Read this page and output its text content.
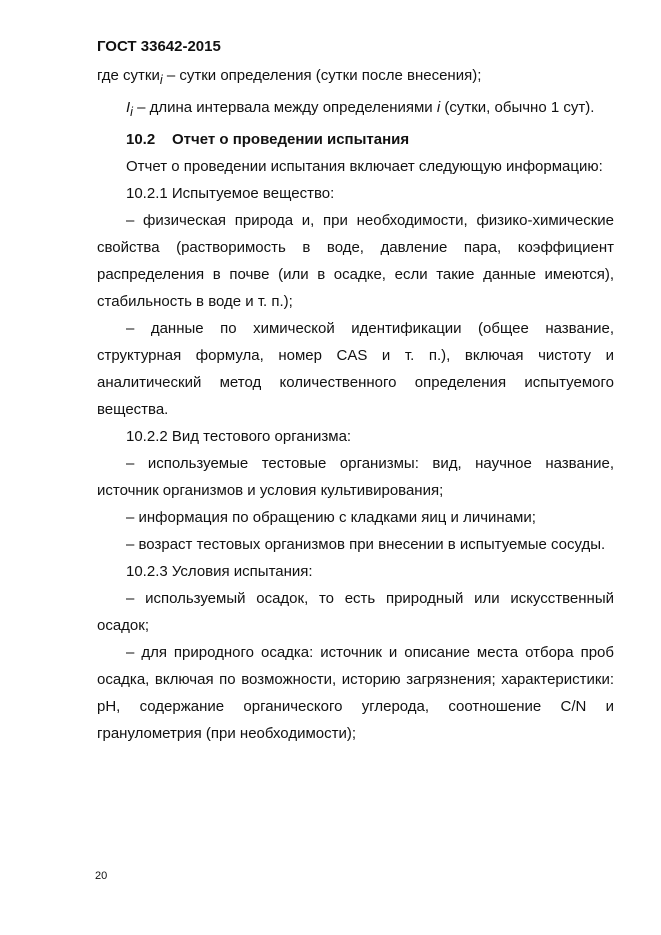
ГОСТ 33642-2015

где сутки$_i$ – сутки определения (сутки после внесения);

$I_i$ – длина интервала между определениями i (сутки, обычно 1 сут).

10.2 Отчет о проведении испытания

Отчет о проведении испытания включает следующую информацию:

10.2.1 Испытуемое вещество:

– физическая природа и, при необходимости, физико-химические свойства (растворимость в воде, давление пара, коэффициент распределения в почве (или в осадке, если такие данные имеются), стабильность в воде и т. п.);

– данные по химической идентификации (общее название, структурная формула, номер CAS и т. п.), включая чистоту и аналитический метод количественного определения испытуемого вещества.

10.2.2 Вид тестового организма:

– используемые тестовые организмы: вид, научное название, источник организмов и условия культивирования;

– информация по обращению с кладками яиц и личинами;

– возраст тестовых организмов при внесении в испытуемые сосуды.

10.2.3 Условия испытания:

– используемый осадок, то есть природный или искусственный осадок;

– для природного осадка: источник и описание места отбора проб осадка, включая по возможности, историю загрязнения; характеристики: pH, содержание органического углерода, соотношение C/N и гранулометрия (при необходимости);

20
